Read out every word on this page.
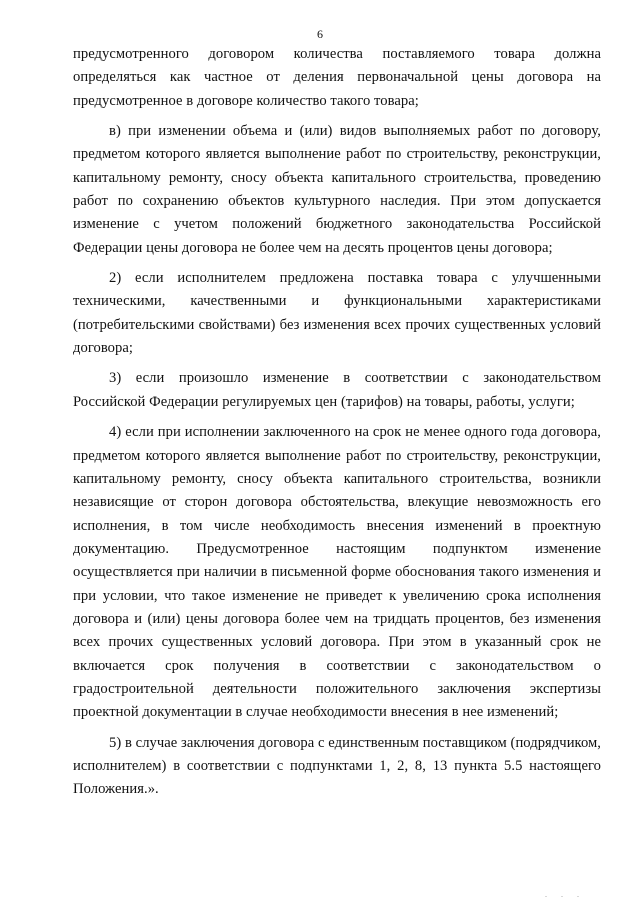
6

предусмотренного договором количества поставляемого товара должна определяться как частное от деления первоначальной цены договора на предусмотренное в договоре количество такого товара;

в) при изменении объема и (или) видов выполняемых работ по договору, предметом которого является выполнение работ по строительству, реконструкции, капитальному ремонту, сносу объекта капитального строительства, проведению работ по сохранению объектов культурного наследия. При этом допускается изменение с учетом положений бюджетного законодательства Российской Федерации цены договора не более чем на десять процентов цены договора;

2) если исполнителем предложена поставка товара с улучшенными техническими, качественными и функциональными характеристиками (потребительскими свойствами) без изменения всех прочих существенных условий договора;

3) если произошло изменение в соответствии с законодательством Российской Федерации регулируемых цен (тарифов) на товары, работы, услуги;

4) если при исполнении заключенного на срок не менее одного года договора, предметом которого является выполнение работ по строительству, реконструкции, капитальному ремонту, сносу объекта капитального строительства, возникли независящие от сторон договора обстоятельства, влекущие невозможность его исполнения, в том числе необходимость внесения изменений в проектную документацию. Предусмотренное настоящим подпунктом изменение осуществляется при наличии в письменной форме обоснования такого изменения и при условии, что такое изменение не приведет к увеличению срока исполнения договора и (или) цены договора более чем на тридцать процентов, без изменения всех прочих существенных условий договора. При этом в указанный срок не включается срок получения в соответствии с законодательством о градостроительной деятельности положительного заключения экспертизы проектной документации в случае необходимости внесения в нее изменений;

5) в случае заключения договора с единственным поставщиком (подрядчиком, исполнителем) в соответствии с подпунктами 1, 2, 8, 13 пункта 5.5 настоящего Положения.».

. . .
